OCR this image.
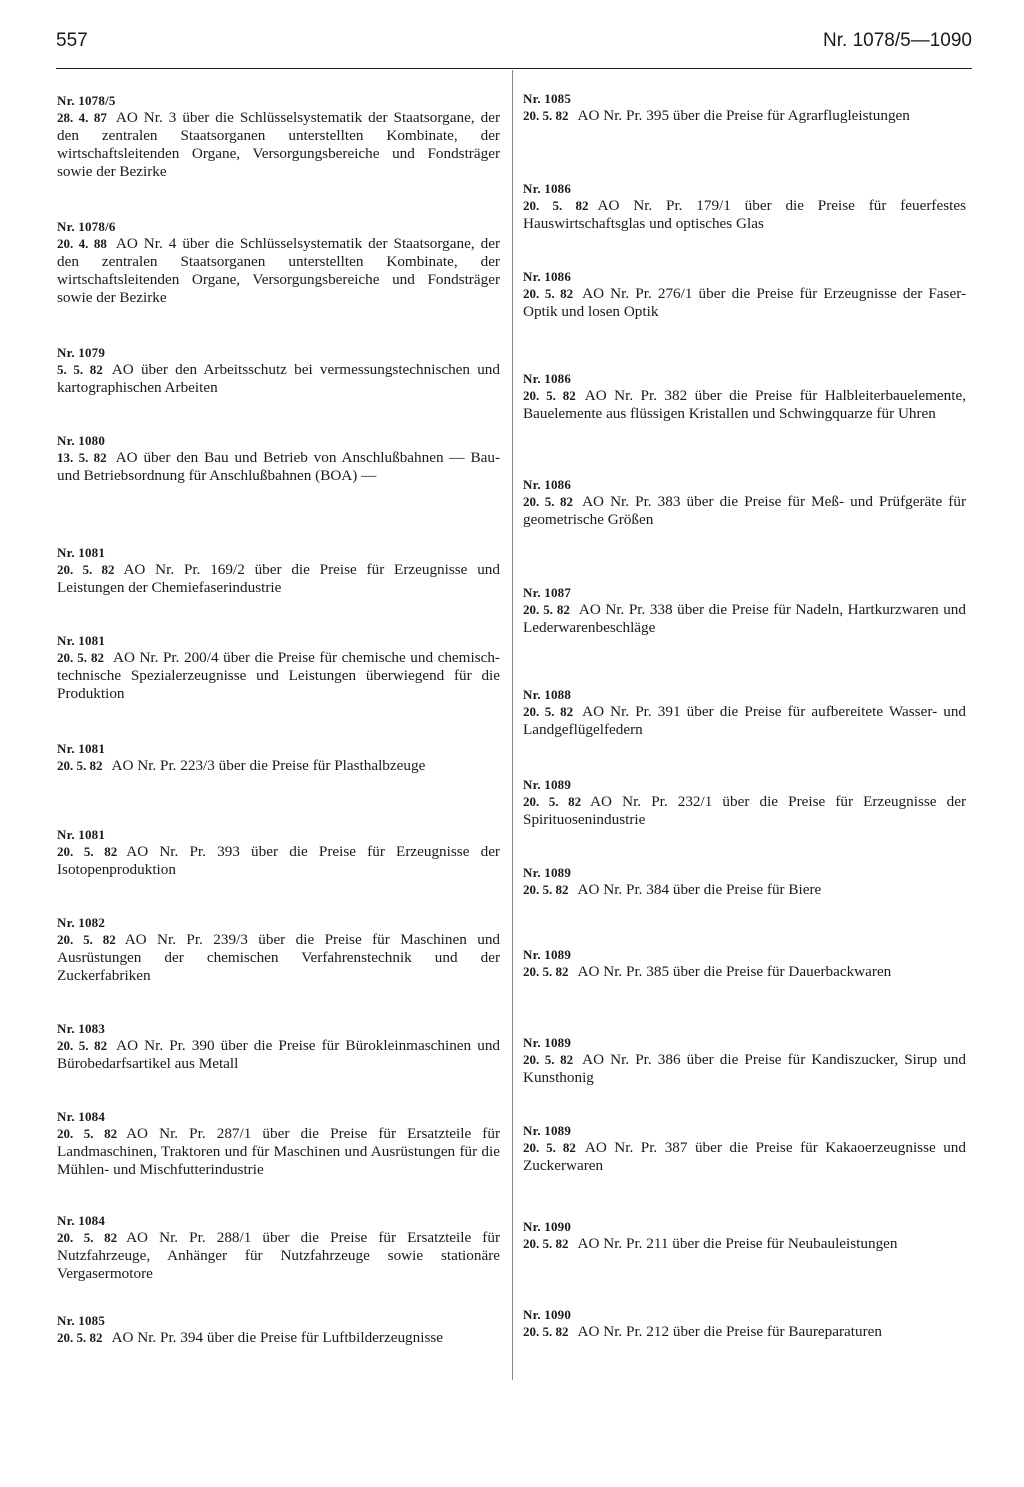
557	Nr. 1078/5—1090
Nr. 1078/5
28. 4. 87 AO Nr. 3 über die Schlüsselsystematik der Staatsorgane, der den zentralen Staatsorganen unterstellten Kombinate, der wirtschaftsleitenden Organe, Versorgungsbereiche und Fondsträger sowie der Bezirke
Nr. 1078/6
20. 4. 88 AO Nr. 4 über die Schlüsselsystematik der Staatsorgane, der den zentralen Staatsorganen unterstellten Kombinate, der wirtschaftsleitenden Organe, Versorgungsbereiche und Fondsträger sowie der Bezirke
Nr. 1079
5. 5. 82 AO über den Arbeitsschutz bei vermessungstechnischen und kartographischen Arbeiten
Nr. 1080
13. 5. 82 AO über den Bau und Betrieb von Anschlußbahnen — Bau- und Betriebsordnung für Anschlußbahnen (BOA) —
Nr. 1081
20. 5. 82 AO Nr. Pr. 169/2 über die Preise für Erzeugnisse und Leistungen der Chemiefaserindustrie
Nr. 1081
20. 5. 82 AO Nr. Pr. 200/4 über die Preise für chemische und chemisch-technische Spezialerzeugnisse und Leistungen überwiegend für die Produktion
Nr. 1081
20. 5. 82 AO Nr. Pr. 223/3 über die Preise für Plasthalbzeuge
Nr. 1081
20. 5. 82 AO Nr. Pr. 393 über die Preise für Erzeugnisse der Isotopenproduktion
Nr. 1082
20. 5. 82 AO Nr. Pr. 239/3 über die Preise für Maschinen und Ausrüstungen der chemischen Verfahrenstechnik und der Zuckerfabriken
Nr. 1083
20. 5. 82 AO Nr. Pr. 390 über die Preise für Bürokleinmaschinen und Bürobedarfsartikel aus Metall
Nr. 1084
20. 5. 82 AO Nr. Pr. 287/1 über die Preise für Ersatzteile für Landmaschinen, Traktoren und für Maschinen und Ausrüstungen für die Mühlen- und Mischfutterindustrie
Nr. 1084
20. 5. 82 AO Nr. Pr. 288/1 über die Preise für Ersatzteile für Nutzfahrzeuge, Anhänger für Nutzfahrzeuge sowie stationäre Vergasermotore
Nr. 1085
20. 5. 82 AO Nr. Pr. 394 über die Preise für Luftbilderzeugnisse
Nr. 1085
20. 5. 82 AO Nr. Pr. 395 über die Preise für Agrarflugleistungen
Nr. 1086
20. 5. 82 AO Nr. Pr. 179/1 über die Preise für feuerfestes Hauswirtschaftsglas und optisches Glas
Nr. 1086
20. 5. 82 AO Nr. Pr. 276/1 über die Preise für Erzeugnisse der Faser-Optik und losen Optik
Nr. 1086
20. 5. 82 AO Nr. Pr. 382 über die Preise für Halbleiterbauelemente, Bauelemente aus flüssigen Kristallen und Schwingquarze für Uhren
Nr. 1086
20. 5. 82 AO Nr. Pr. 383 über die Preise für Meß- und Prüfgeräte für geometrische Größen
Nr. 1087
20. 5. 82 AO Nr. Pr. 338 über die Preise für Nadeln, Hartkurzwaren und Lederwarenbeschläge
Nr. 1088
20. 5. 82 AO Nr. Pr. 391 über die Preise für aufbereitete Wasser- und Landgeflügelfedern
Nr. 1089
20. 5. 82 AO Nr. Pr. 232/1 über die Preise für Erzeugnisse der Spirituosenindustrie
Nr. 1089
20. 5. 82 AO Nr. Pr. 384 über die Preise für Biere
Nr. 1089
20. 5. 82 AO Nr. Pr. 385 über die Preise für Dauerbackwaren
Nr. 1089
20. 5. 82 AO Nr. Pr. 386 über die Preise für Kandiszucker, Sirup und Kunsthonig
Nr. 1089
20. 5. 82 AO Nr. Pr. 387 über die Preise für Kakaoerzeugnisse und Zuckerwaren
Nr. 1090
20. 5. 82 AO Nr. Pr. 211 über die Preise für Neubauleistungen
Nr. 1090
20. 5. 82 AO Nr. Pr. 212 über die Preise für Baureparaturen
